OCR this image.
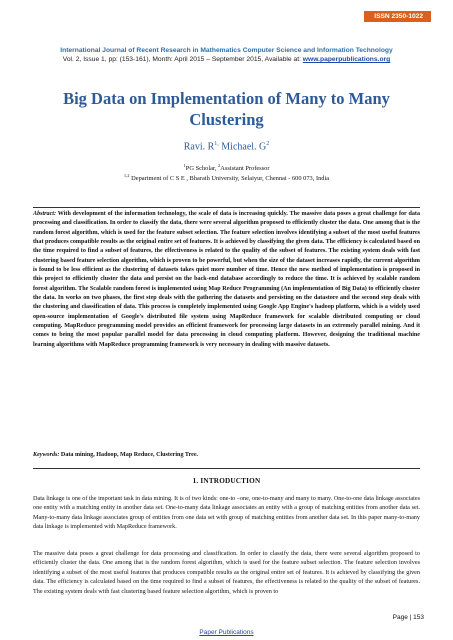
ISSN 2350-1022
International Journal of Recent Research in Mathematics Computer Science and Information Technology
Vol. 2, Issue 1, pp: (153-161), Month: April 2015 – September 2015, Available at: www.paperpublications.org
Big Data on Implementation of Many to Many Clustering
Ravi. $R^{1,}$ Michael. $G^2$
$^1$PG Scholar, $^2$Assistant Professor
$^{1,2}$ Department of C S E , Bharath University, Selaiyur, Chennai - 600 073, India
Abstract: With development of the information technology, the scale of data is increasing quickly. The massive data poses a great challenge for data processing and classification. In order to classify the data, there were several algorithm proposed to efficiently cluster the data. One among that is the random forest algorithm, which is used for the feature subset selection. The feature selection involves identifying a subset of the most useful features that produces compatible results as the original entire set of features. It is achieved by classifying the given data. The efficiency is calculated based on the time required to find a subset of features, the effectiveness is related to the quality of the subset of features. The existing system deals with fast clustering based feature selection algorithm, which is proven to be powerful, but when the size of the dataset increases rapidly, the current algorithm is found to be less efficient as the clustering of datasets takes quiet more number of time. Hence the new method of implementation is proposed in this project to efficiently cluster the data and persist on the back-end database accordingly to reduce the time. It is achieved by scalable random forest algorithm. The Scalable random forest is implemented using Map Reduce Programming (An implementation of Big Data) to efficiently cluster the data. In works on two phases, the first step deals with the gathering the datasets and persisting on the datastore and the second step deals with the clustering and classification of data. This process is completely implemented using Google App Engine's hadoop platform, which is a widely used open-source implementation of Google's distributed file system using MapReduce framework for scalable distributed computing or cloud computing. MapReduce programming model provides an efficient framework for processing large datasets in an extremely parallel mining. And it comes to being the most popular parallel model for data processing in cloud computing platform. However, designing the traditional machine learning algorithms with MapReduce programming framework is very necessary in dealing with massive datasets.
Keywords: Data mining, Hadoop, Map Reduce, Clustering Tree.
1. INTRODUCTION
Data linkage is one of the important task in data mining. It is of two kinds: one-to –one, one-to-many and many to many. One-to-one data linkage associates one entity with a matching entity in another data set. One-to-many data linkage associates an entity with a group of matching entities from another data set. Many-to-many data linkage associates group of entities from one data set with group of matching entities from another data set. In this paper many-to-many data linkage is implemented with MapReduce framework.
The massive data poses a great challenge for data processing and classification. In order to classify the data, there were several algorithm proposed to efficiently cluster the data. One among that is the random forest algorithm, which is used for the feature subset selection. The feature selection involves identifying a subset of the most useful features that produces compatible results as the original entire set of features. It is achieved by classifying the given data. The efficiency is calculated based on the time required to find a subset of features, the effectiveness is related to the quality of the subset of features. The existing system deals with fast clustering based feature selection algorithm, which is proven to
Page | 153
Paper Publications
